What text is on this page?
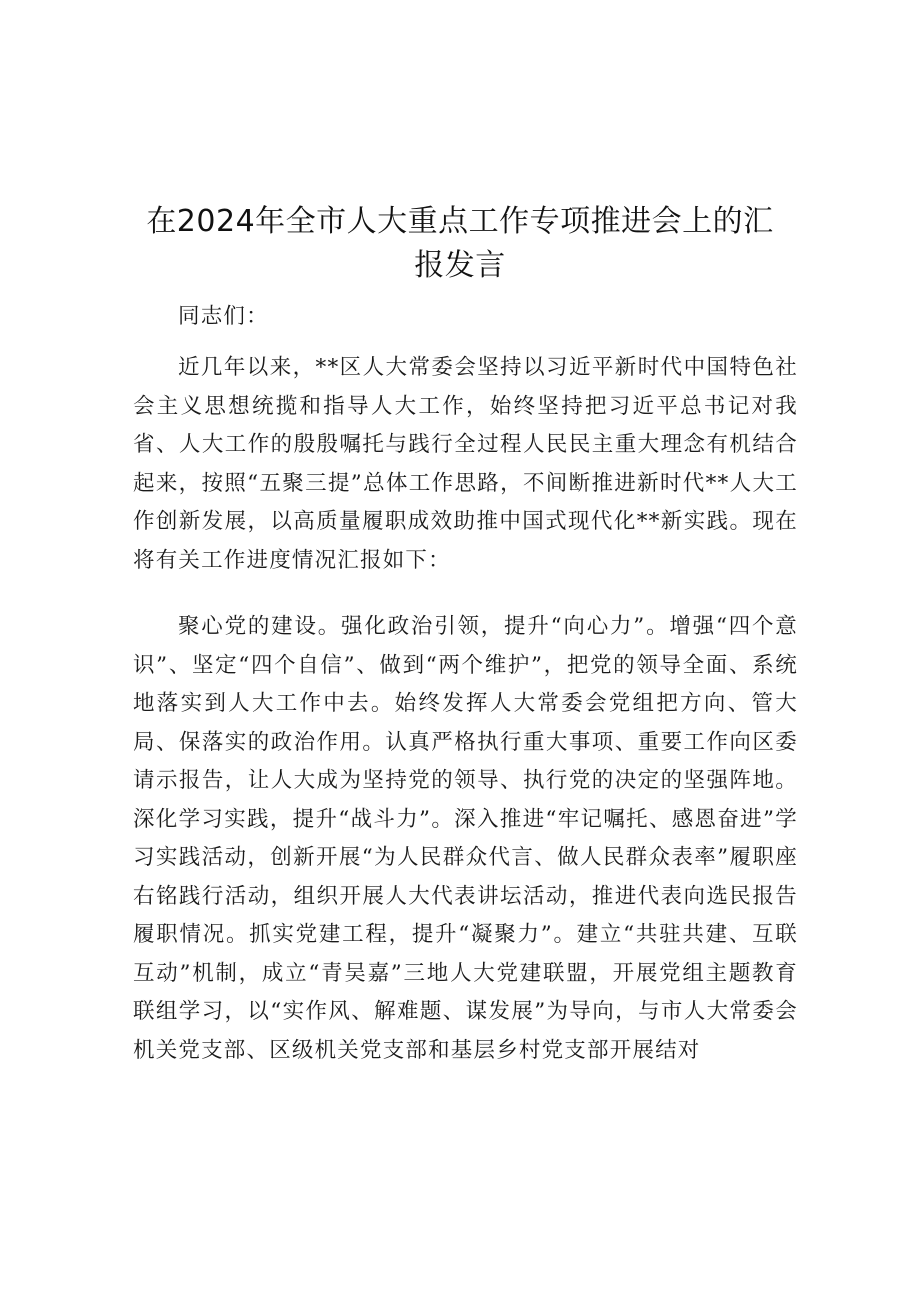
在2024年全市人大重点工作专项推进会上的汇报发言

同志们：

近几年以来，**区人大常委会坚持以习近平新时代中国特色社会主义思想统揽和指导人大工作，始终坚持把习近平总书记对我省、人大工作的殷殷嘱托与践行全过程人民民主重大理念有机结合起来，按照“五聚三提”总体工作思路，不间断推进新时代**人大工作创新发展，以高质量履职成效助推中国式现代化**新实践。现在将有关工作进度情况汇报如下：

聚心党的建设。强化政治引领，提升“向心力”。增强“四个意识”、坚定“四个自信”、做到“两个维护”，把党的领导全面、系统地落实到人大工作中去。始终发挥人大常委会党组把方向、管大局、保落实的政治作用。认真严格执行重大事项、重要工作向区委请示报告，让人大成为坚持党的领导、执行党的决定的坚强阵地。深化学习实践，提升“战斗力”。深入推进“牢记嘱托、感恩奋进”学习实践活动，创新开展“为人民群众代言、做人民群众表率”履职座右铭践行活动，组织开展人大代表讲坛活动，推进代表向选民报告履职情况。抓实党建工程，提升“凝聚力”。建立“共驻共建、互联互动”机制，成立“青吴嘉”三地人大党建联盟，开展党组主题教育联组学习，以“实作风、解难题、谋发展”为导向，与市人大常委会机关党支部、区级机关党支部和基层乡村党支部开展结对
